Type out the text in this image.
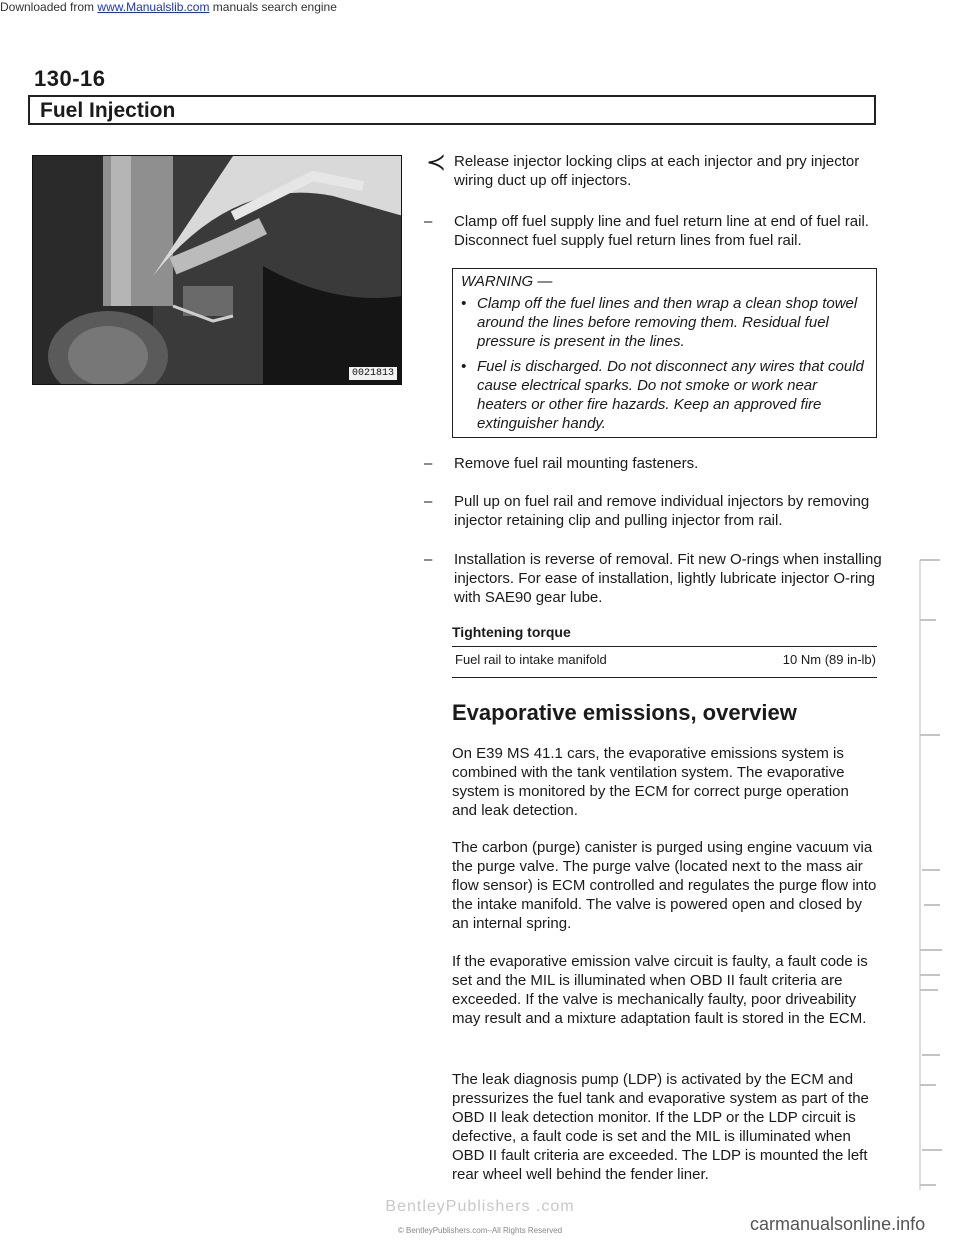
Downloaded from www.Manualslib.com manuals search engine
130-16
Fuel Injection
0021813
≺ Release injector locking clips at each injector and pry injector wiring duct up off injectors.
– Clamp off fuel supply line and fuel return line at end of fuel rail. Disconnect fuel supply fuel return lines from fuel rail.
WARNING —
• Clamp off the fuel lines and then wrap a clean shop towel around the lines before removing them. Residual fuel pressure is present in the lines.
• Fuel is discharged. Do not disconnect any wires that could cause electrical sparks. Do not smoke or work near heaters or other fire hazards. Keep an approved fire extinguisher handy.
– Remove fuel rail mounting fasteners.
– Pull up on fuel rail and remove individual injectors by removing injector retaining clip and pulling injector from rail.
– Installation is reverse of removal. Fit new O-rings when installing injectors. For ease of installation, lightly lubricate injector O-ring with SAE90 gear lube.
Tightening torque
Fuel rail to intake manifold	10 Nm (89 in-lb)
Evaporative emissions, overview
On E39 MS 41.1 cars, the evaporative emissions system is combined with the tank ventilation system. The evaporative system is monitored by the ECM for correct purge operation and leak detection.
The carbon (purge) canister is purged using engine vacuum via the purge valve. The purge valve (located next to the mass air flow sensor) is ECM controlled and regulates the purge flow into the intake manifold. The valve is powered open and closed by an internal spring.
If the evaporative emission valve circuit is faulty, a fault code is set and the MIL is illuminated when OBD II fault criteria are exceeded. If the valve is mechanically faulty, poor driveability may result and a mixture adaptation fault is stored in the ECM.
The leak diagnosis pump (LDP) is activated by the ECM and pressurizes the fuel tank and evaporative system as part of the OBD II leak detection monitor. If the LDP or the LDP circuit is defective, a fault code is set and the MIL is illuminated when OBD II fault criteria are exceeded. The LDP is mounted the left rear wheel well behind the fender liner.
BentleyPublishers .com
© BentleyPublishers.com–All Rights Reserved	carmanualsonline.info
